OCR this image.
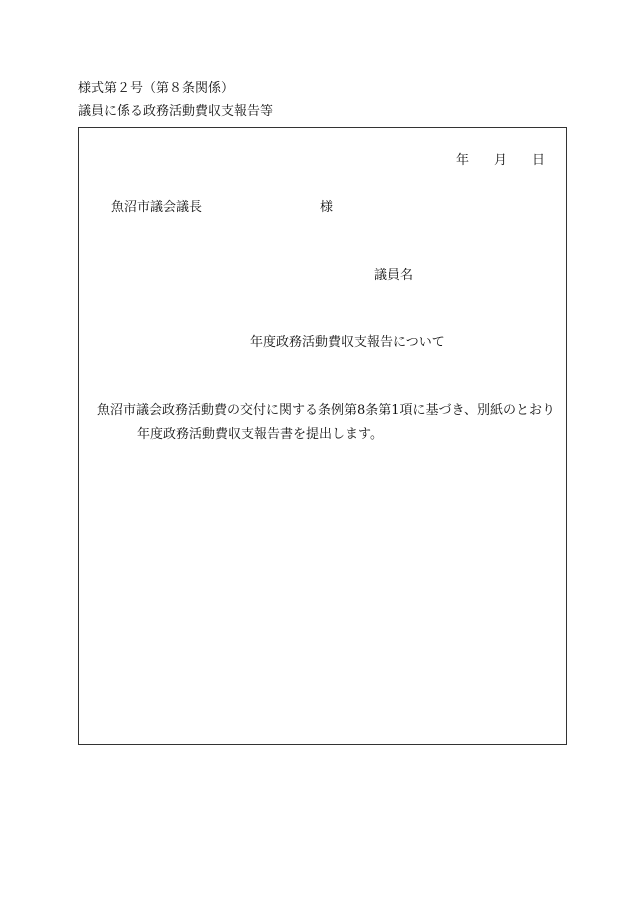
様式第２号（第８条関係）
議員に係る政務活動費収支報告等
年 月 日
魚沼市議会議長	様
議員名
年度政務活動費収支報告について
魚沼市議会政務活動費の交付に関する条例第8条第1項に基づき、別紙のとおり
年度政務活動費収支報告書を提出します。
